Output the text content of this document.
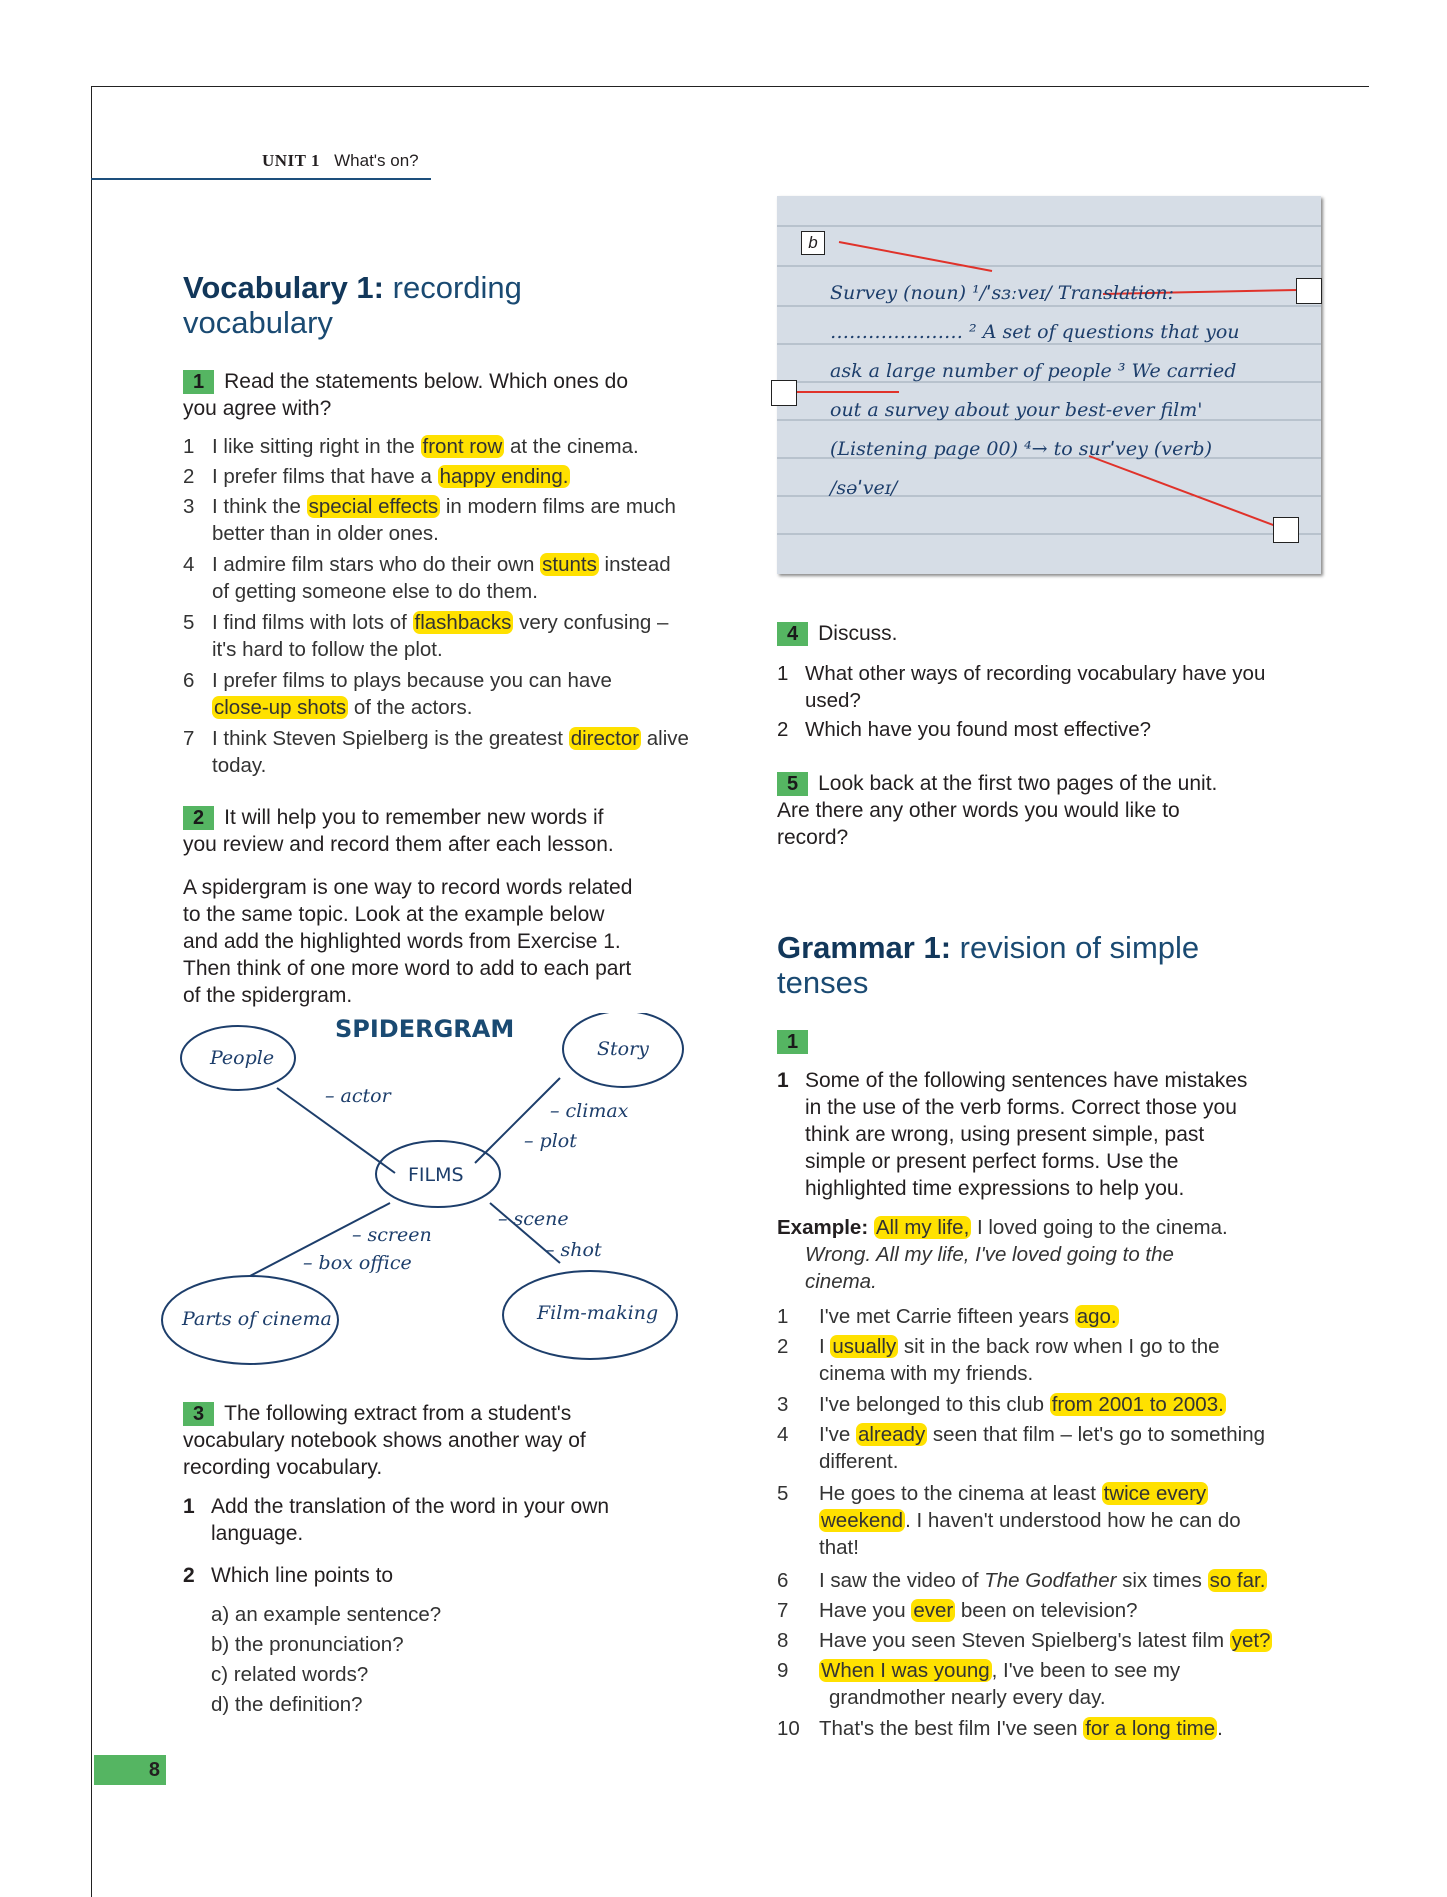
UNIT 1 What's on?
Vocabulary 1: recording
vocabulary
1 Read the statements below. Which ones do
you agree with?
1 I like sitting right in the front row at the cinema.
2 I prefer films that have a happy ending.
3 I think the special effects in modern films are much
better than in older ones.
4 I admire film stars who do their own stunts instead
of getting someone else to do them.
5 I find films with lots of flashbacks very confusing –
it's hard to follow the plot.
6 I prefer films to plays because you can have
close-up shots of the actors.
7 I think Steven Spielberg is the greatest director alive
today.
2 It will help you to remember new words if
you review and record them after each lesson.
A spidergram is one way to record words related
to the same topic. Look at the example below
and add the highlighted words from Exercise 1.
Then think of one more word to add to each part
of the spidergram.
SPIDERGRAM
People	Story
FILMS
Parts of cinema	Film-making
– actor
– climax
– plot
– screen
– box office
– scene
– shot
3 The following extract from a student's
vocabulary notebook shows another way of
recording vocabulary.
1 Add the translation of the word in your own
language.
2 Which line points to
a) an example sentence?
b) the pronunciation?
c) related words?
d) the definition?
8
b
Survey (noun) ¹/ˈsɜːveɪ/ Translation:
………………… ² A set of questions that you
ask a large number of people ³ We carried
out a survey about your best-ever film'
(Listening page 00) ⁴→ to surˈvey (verb)
/səˈveɪ/
4 Discuss.
1 What other ways of recording vocabulary have you
used?
2 Which have you found most effective?
5 Look back at the first two pages of the unit.
Are there any other words you would like to
record?
Grammar 1: revision of simple
tenses
1
1 Some of the following sentences have mistakes
in the use of the verb forms. Correct those you
think are wrong, using present simple, past
simple or present perfect forms. Use the
highlighted time expressions to help you.
Example: All my life, I loved going to the cinema.
Wrong. All my life, I've loved going to the
cinema.
1	I've met Carrie fifteen years ago.
2	I usually sit in the back row when I go to the
cinema with my friends.
3	I've belonged to this club from 2001 to 2003.
4	I've already seen that film – let's go to something
different.
5	He goes to the cinema at least twice every
weekend. I haven't understood how he can do
that!
6	I saw the video of The Godfather six times so far.
7	Have you ever been on television?
8	Have you seen Steven Spielberg's latest film yet?
9	When I was young, I've been to see my
grandmother nearly every day.
10 That's the best film I've seen for a long time.
